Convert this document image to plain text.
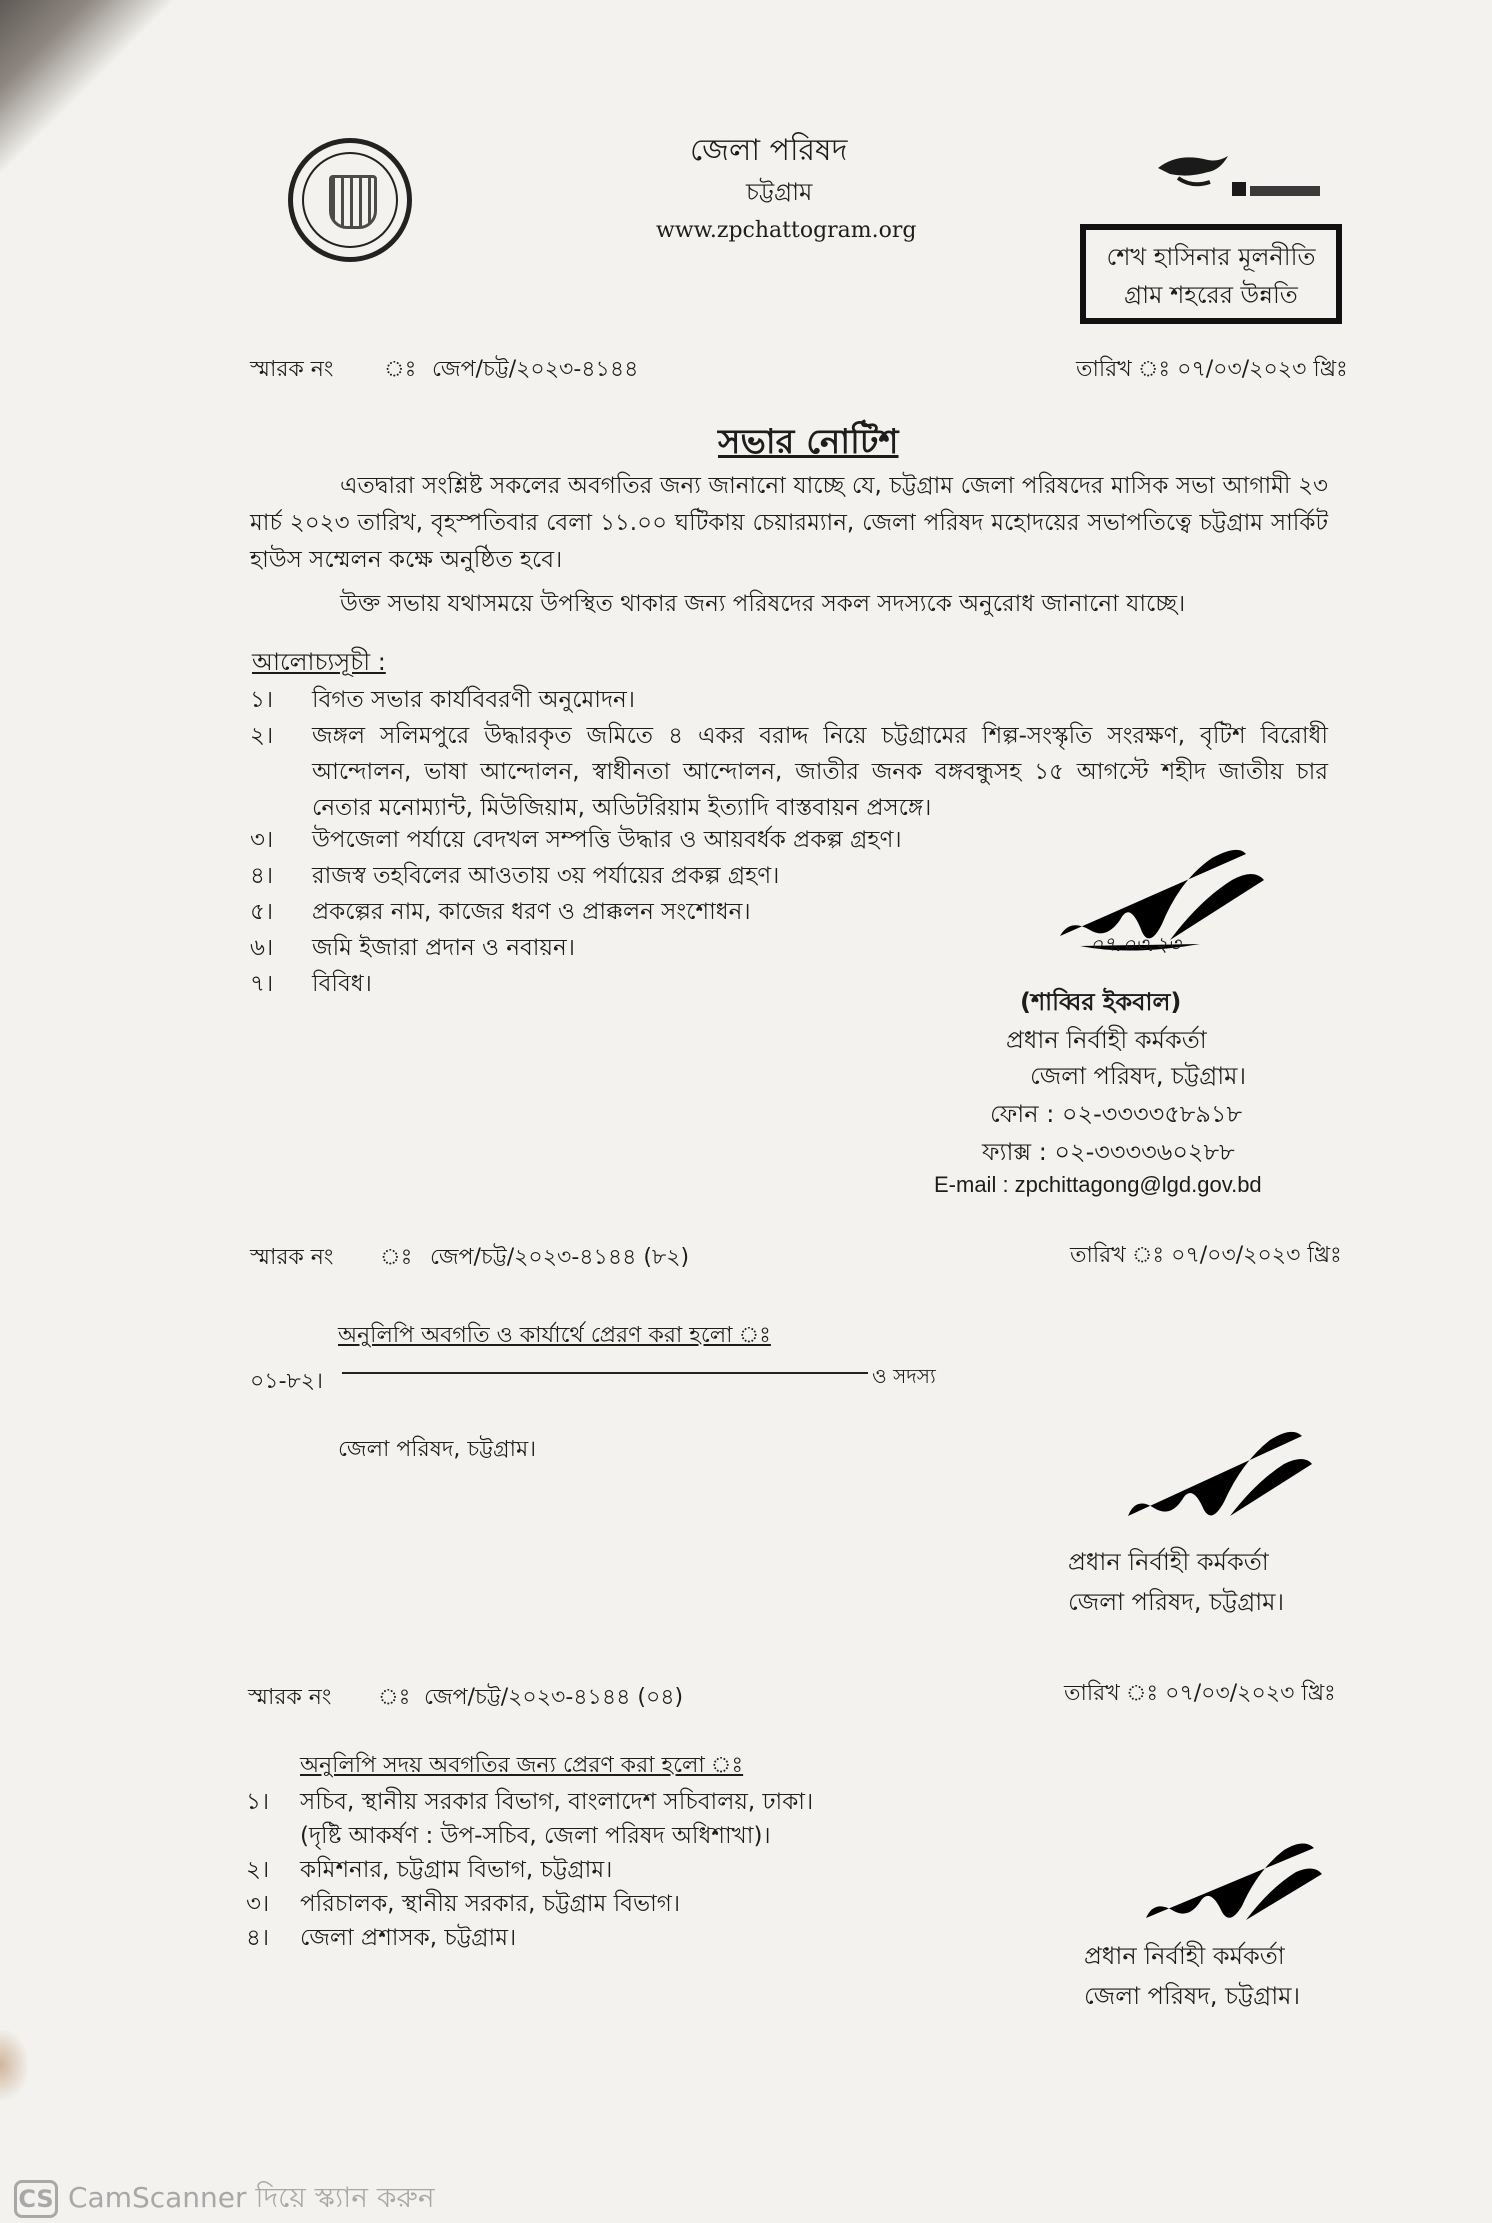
জেলা পরিষদ
চট্টগ্রাম
www.zpchattogram.org
শেখ হাসিনার মূলনীতি
গ্রাম শহরের উন্নতি
স্মারক নং ঃ জেপ/চট্ট/২০২৩-৪১৪৪	তারিখ ঃ ০৭/০৩/২০২৩ খ্রিঃ
সভার নোটিশ
এতদ্বারা সংশ্লিষ্ট সকলের অবগতির জন্য জানানো যাচ্ছে যে, চট্টগ্রাম জেলা পরিষদের মাসিক সভা আগামী ২৩ মার্চ ২০২৩ তারিখ, বৃহস্পতিবার বেলা ১১.০০ ঘটিকায় চেয়ারম্যান, জেলা পরিষদ মহোদয়ের সভাপতিত্বে চট্টগ্রাম সার্কিট হাউস সম্মেলন কক্ষে অনুষ্ঠিত হবে।
উক্ত সভায় যথাসময়ে উপস্থিত থাকার জন্য পরিষদের সকল সদস্যকে অনুরোধ জানানো যাচ্ছে।
আলোচ্যসূচী :
১। বিগত সভার কার্যবিবরণী অনুমোদন।
২। জঙ্গল সলিমপুরে উদ্ধারকৃত জমিতে ৪ একর বরাদ্দ নিয়ে চট্টগ্রামের শিল্প-সংস্কৃতি সংরক্ষণ, বৃটিশ বিরোধী আন্দোলন, ভাষা আন্দোলন, স্বাধীনতা আন্দোলন, জাতীর জনক বঙ্গবন্ধুসহ ১৫ আগস্টে শহীদ জাতীয় চার নেতার মনোম্যান্ট, মিউজিয়াম, অডিটরিয়াম ইত্যাদি বাস্তবায়ন প্রসঙ্গে।
৩। উপজেলা পর্যায়ে বেদখল সম্পত্তি উদ্ধার ও আয়বর্ধক প্রকল্প গ্রহণ।
৪। রাজস্ব তহবিলের আওতায় ৩য় পর্যায়ের প্রকল্প গ্রহণ।
৫। প্রকল্পের নাম, কাজের ধরণ ও প্রাক্কলন সংশোধন।
৬। জমি ইজারা প্রদান ও নবায়ন।
৭। বিবিধ।
০৭.০৩.২৩
(শাব্বির ইকবাল)
প্রধান নির্বাহী কর্মকর্তা
জেলা পরিষদ, চট্টগ্রাম।
ফোন : ০২-৩৩৩৩৫৮৯১৮
ফ্যাক্স : ০২-৩৩৩৩৬০২৮৮
E-mail : zpchittagong@lgd.gov.bd
স্মারক নং ঃ জেপ/চট্ট/২০২৩-৪১৪৪ (৮২)	তারিখ ঃ ০৭/০৩/২০২৩ খ্রিঃ
অনুলিপি অবগতি ও কার্যার্থে প্রেরণ করা হলো ঃ
০১-৮২।	ও সদস্য
জেলা পরিষদ, চট্টগ্রাম।
প্রধান নির্বাহী কর্মকর্তা
জেলা পরিষদ, চট্টগ্রাম।
স্মারক নং ঃ জেপ/চট্ট/২০২৩-৪১৪৪ (০৪)	তারিখ ঃ ০৭/০৩/২০২৩ খ্রিঃ
অনুলিপি সদয় অবগতির জন্য প্রেরণ করা হলো ঃ
১। সচিব, স্থানীয় সরকার বিভাগ, বাংলাদেশ সচিবালয়, ঢাকা।
(দৃষ্টি আকর্ষণ : উপ-সচিব, জেলা পরিষদ অধিশাখা)।
২। কমিশনার, চট্টগ্রাম বিভাগ, চট্টগ্রাম।
৩। পরিচালক, স্থানীয় সরকার, চট্টগ্রাম বিভাগ।
৪। জেলা প্রশাসক, চট্টগ্রাম।
প্রধান নির্বাহী কর্মকর্তা
জেলা পরিষদ, চট্টগ্রাম।
CS CamScanner দিয়ে স্ক্যান করুন
